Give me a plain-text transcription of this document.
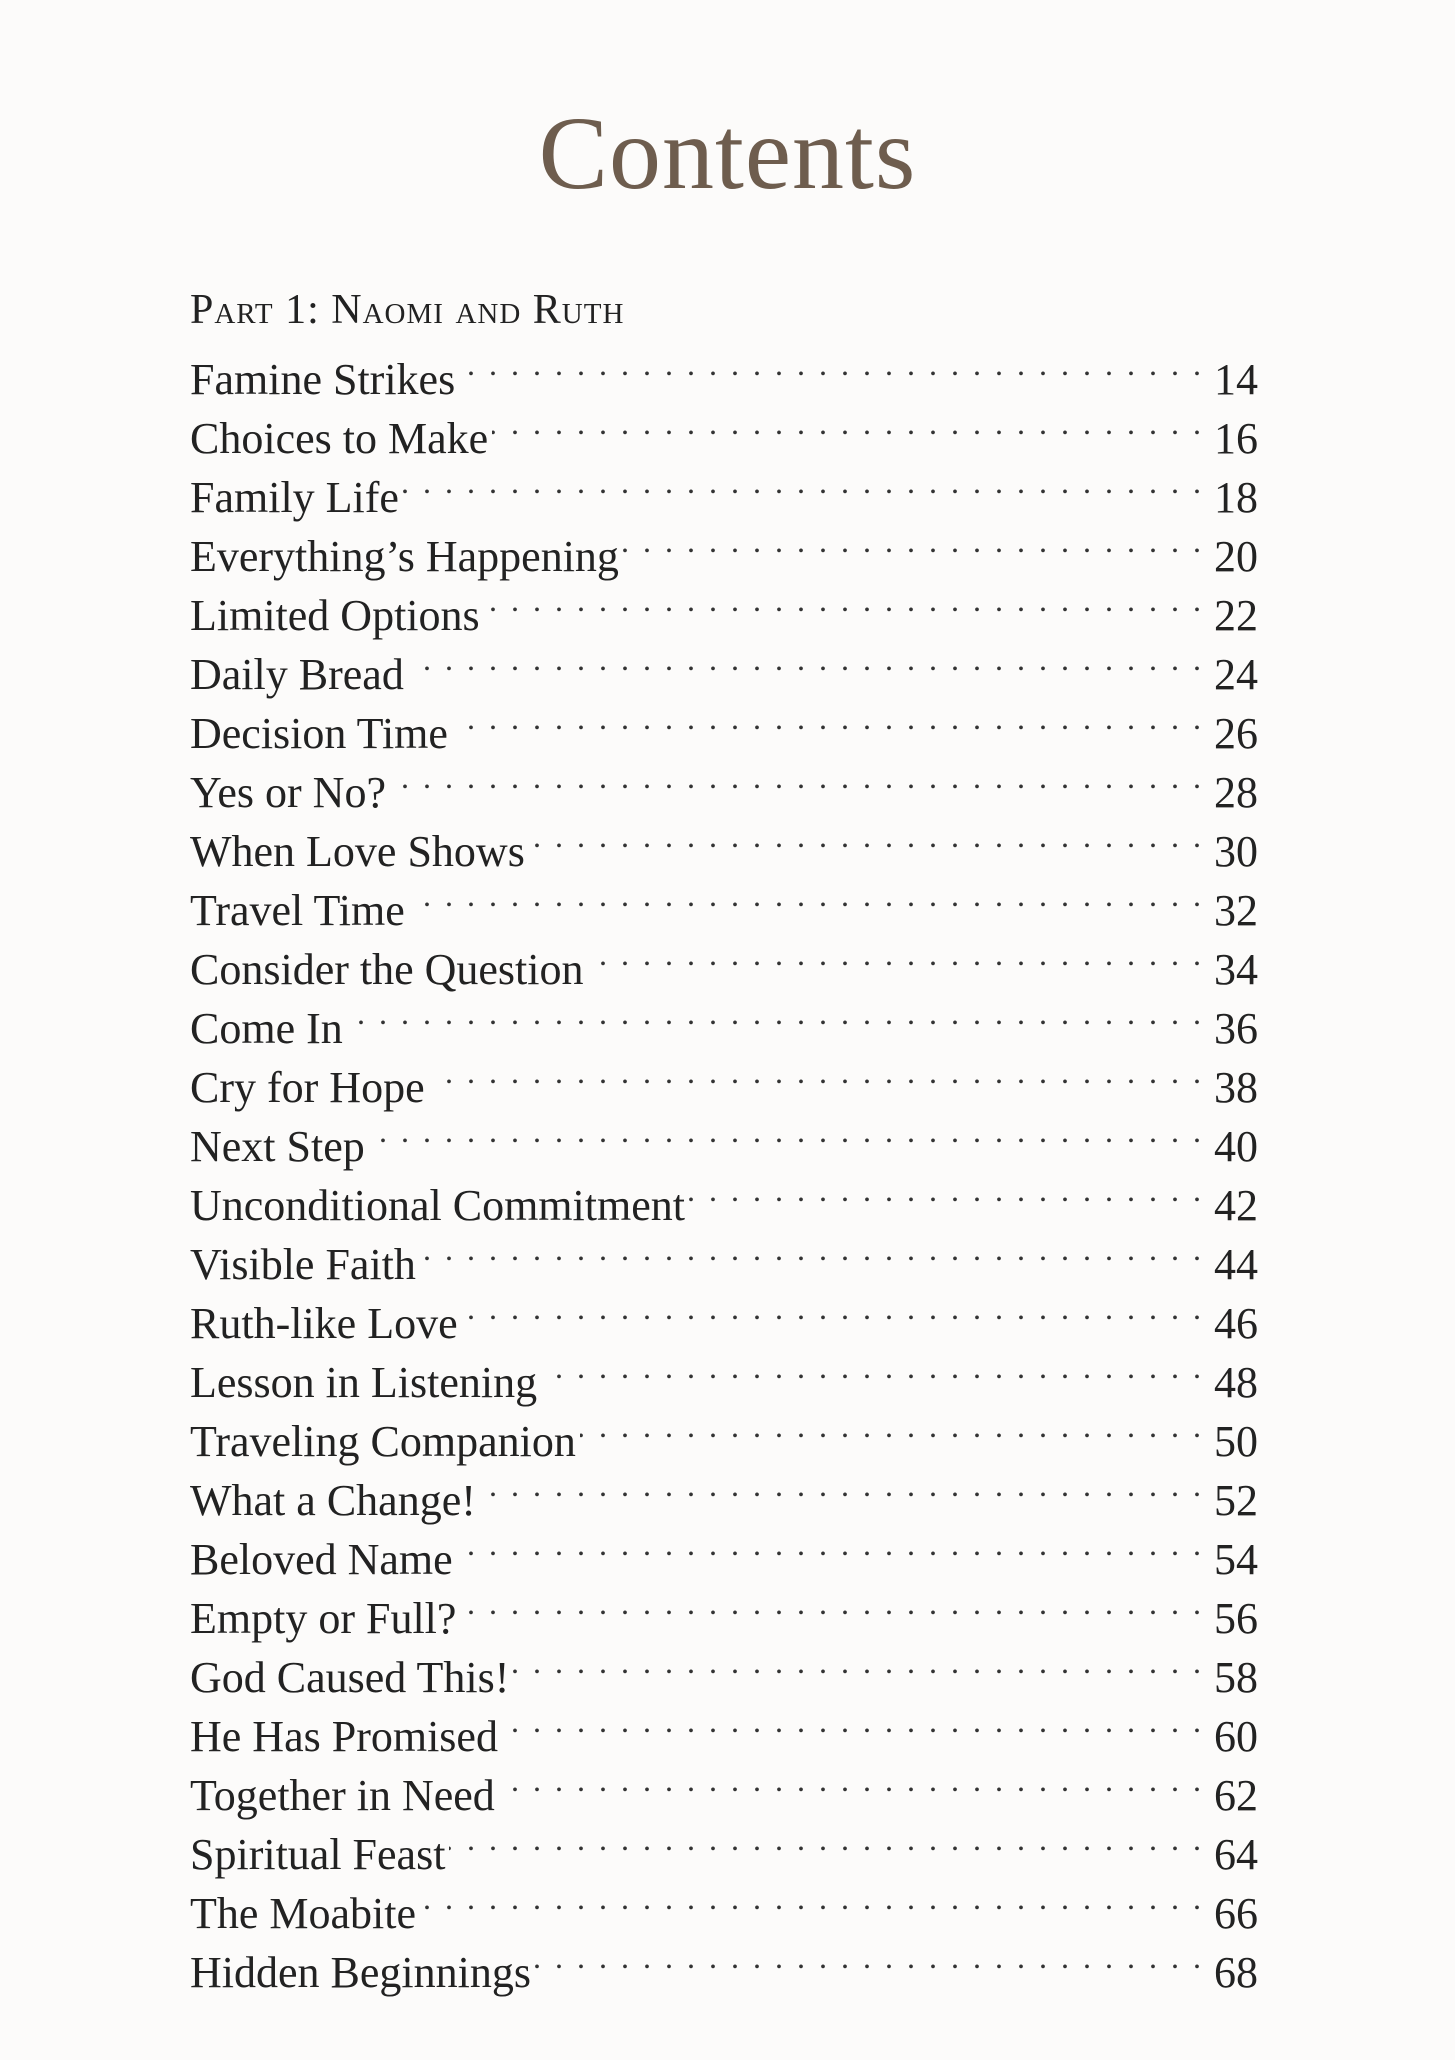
Contents
Part 1: Naomi and Ruth
Famine Strikes . . .	14
Choices to Make . . .	16
Family Life . . .	18
Everything’s Happening . . .	20
Limited Options . . .	22
Daily Bread . . .	24
Decision Time . . .	26
Yes or No? . . .	28
When Love Shows . . .	30
Travel Time . . .	32
Consider the Question . . .	34
Come In . . .	36
Cry for Hope . . .	38
Next Step . . .	40
Unconditional Commitment . . .	42
Visible Faith . . .	44
Ruth-like Love . . .	46
Lesson in Listening . . .	48
Traveling Companion . . .	50
What a Change! . . .	52
Beloved Name . . .	54
Empty or Full? . . .	56
God Caused This! . . .	58
He Has Promised . . .	60
Together in Need . . .	62
Spiritual Feast . . .	64
The Moabite . . .	66
Hidden Beginnings . . .	68
